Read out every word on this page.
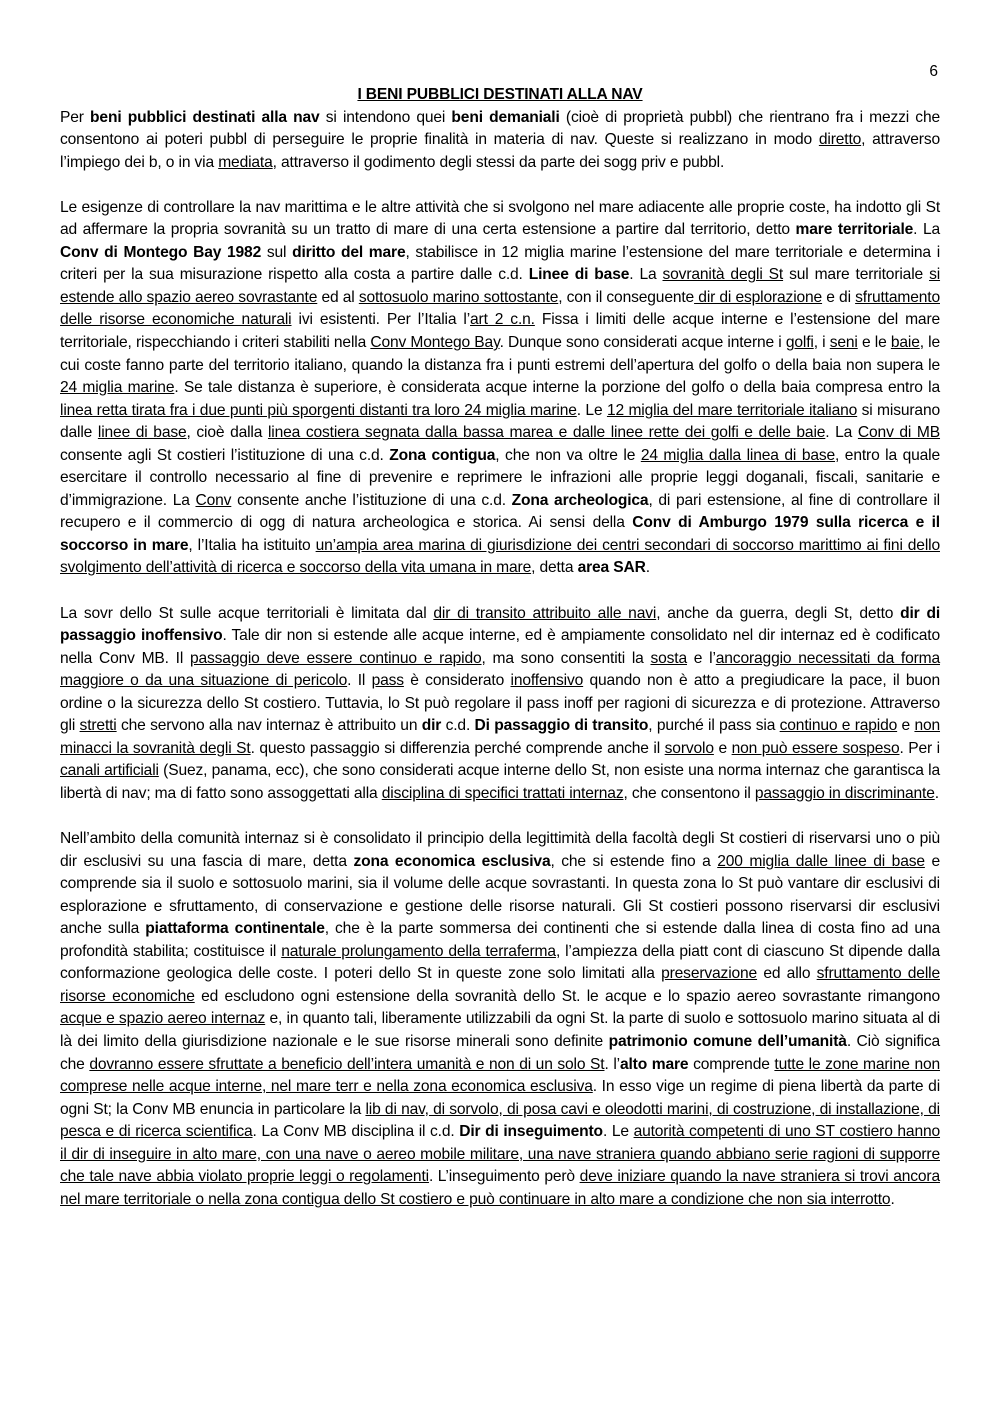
6

I BENI PUBBLICI DESTINATI ALLA NAV

Per beni pubblici destinati alla nav si intendono quei beni demaniali (cioè di proprietà pubbl) che rientrano fra i mezzi che consentono ai poteri pubbl di perseguire le proprie finalità in materia di nav. Queste si realizzano in modo diretto, attraverso l’impiego dei b, o in via mediata, attraverso il godimento degli stessi da parte dei sogg priv e pubbl.

Le esigenze di controllare la nav marittima e le altre attività che si svolgono nel mare adiacente alle proprie coste, ha indotto gli St ad affermare la propria sovranità su un tratto di mare di una certa estensione a partire dal territorio, detto mare territoriale. La Conv di Montego Bay 1982 sul diritto del mare, stabilisce in 12 miglia marine l’estensione del mare territoriale e determina i criteri per la sua misurazione rispetto alla costa a partire dalle c.d. Linee di base. La sovranità degli St sul mare territoriale si estende allo spazio aereo sovrastante ed al sottosuolo marino sottostante, con il conseguente dir di esplorazione e di sfruttamento delle risorse economiche naturali ivi esistenti. Per l’Italia l’art 2 c.n. Fissa i limiti delle acque interne e l’estensione del mare territoriale, rispecchiando i criteri stabiliti nella Conv Montego Bay. Dunque sono considerati acque interne i golfi, i seni e le baie, le cui coste fanno parte del territorio italiano, quando la distanza fra i punti estremi dell’apertura del golfo o della baia non supera le 24 miglia marine. Se tale distanza è superiore, è considerata acque interne la porzione del golfo o della baia compresa entro la linea retta tirata fra i due punti più sporgenti distanti tra loro 24 miglia marine. Le 12 miglia del mare territoriale italiano si misurano dalle linee di base, cioè dalla linea costiera segnata dalla bassa marea e dalle linee rette dei golfi e delle baie. La Conv di MB consente agli St costieri l’istituzione di una c.d. Zona contigua, che non va oltre le 24 miglia dalla linea di base, entro la quale esercitare il controllo necessario al fine di prevenire e reprimere le infrazioni alle proprie leggi doganali, fiscali, sanitarie e d’immigrazione. La Conv consente anche l’istituzione di una c.d. Zona archeologica, di pari estensione, al fine di controllare il recupero e il commercio di ogg di natura archeologica e storica. Ai sensi della Conv di Amburgo 1979 sulla ricerca e il soccorso in mare, l’Italia ha istituito un’ampia area marina di giurisdizione dei centri secondari di soccorso marittimo ai fini dello svolgimento dell’attività di ricerca e soccorso della vita umana in mare, detta area SAR.

La sovr dello St sulle acque territoriali è limitata dal dir di transito attribuito alle navi, anche da guerra, degli St, detto dir di passaggio inoffensivo. Tale dir non si estende alle acque interne, ed è ampiamente consolidato nel dir internaz ed è codificato nella Conv MB. Il passaggio deve essere continuo e rapido, ma sono consentiti la sosta e l’ancoraggio necessitati da forma maggiore o da una situazione di pericolo. Il pass è considerato inoffensivo quando non è atto a pregiudicare la pace, il buon ordine o la sicurezza dello St costiero. Tuttavia, lo St può regolare il pass inoff per ragioni di sicurezza e di protezione. Attraverso gli stretti che servono alla nav internaz è attribuito un dir c.d. Di passaggio di transito, purché il pass sia continuo e rapido e non minacci la sovranità degli St. questo passaggio si differenzia perché comprende anche il sorvolo e non può essere sospeso. Per i canali artificiali (Suez, panama, ecc), che sono considerati acque interne dello St, non esiste una norma internaz che garantisca la libertà di nav; ma di fatto sono assoggettati alla disciplina di specifici trattati internaz, che consentono il passaggio in discriminante.

Nell’ambito della comunità internaz si è consolidato il principio della legittimità della facoltà degli St costieri di riservarsi uno o più dir esclusivi su una fascia di mare, detta zona economica esclusiva, che si estende fino a 200 miglia dalle linee di base e comprende sia il suolo e sottosuolo marini, sia il volume delle acque sovrastanti. In questa zona lo St può vantare dir esclusivi di esplorazione e sfruttamento, di conservazione e gestione delle risorse naturali. Gli St costieri possono riservarsi dir esclusivi anche sulla piattaforma continentale, che è la parte sommersa dei continenti che si estende dalla linea di costa fino ad una profondità stabilita; costituisce il naturale prolungamento della terraferma, l’ampiezza della piatt cont di ciascuno St dipende dalla conformazione geologica delle coste. I poteri dello St in queste zone solo limitati alla preservazione ed allo sfruttamento delle risorse economiche ed escludono ogni estensione della sovranità dello St. le acque e lo spazio aereo sovrastante rimangono acque e spazio aereo internaz e, in quanto tali, liberamente utilizzabili da ogni St. la parte di suolo e sottosuolo marino situata al di là dei limito della giurisdizione nazionale e le sue risorse minerali sono definite patrimonio comune dell’umanità. Ciò significa che dovranno essere sfruttate a beneficio dell’intera umanità e non di un solo St. l’alto mare comprende tutte le zone marine non comprese nelle acque interne, nel mare terr e nella zona economica esclusiva. In esso vige un regime di piena libertà da parte di ogni St; la Conv MB enuncia in particolare la lib di nav, di sorvolo, di posa cavi e oleodotti marini, di costruzione, di installazione, di pesca e di ricerca scientifica. La Conv MB disciplina il c.d. Dir di inseguimento. Le autorità competenti di uno ST costiero hanno il dir di inseguire in alto mare, con una nave o aereo mobile militare, una nave straniera quando abbiano serie ragioni di supporre che tale nave abbia violato proprie leggi o regolamenti. L’inseguimento però deve iniziare quando la nave straniera si trovi ancora nel mare territoriale o nella zona contigua dello St costiero e può continuare in alto mare a condizione che non sia interrotto.
